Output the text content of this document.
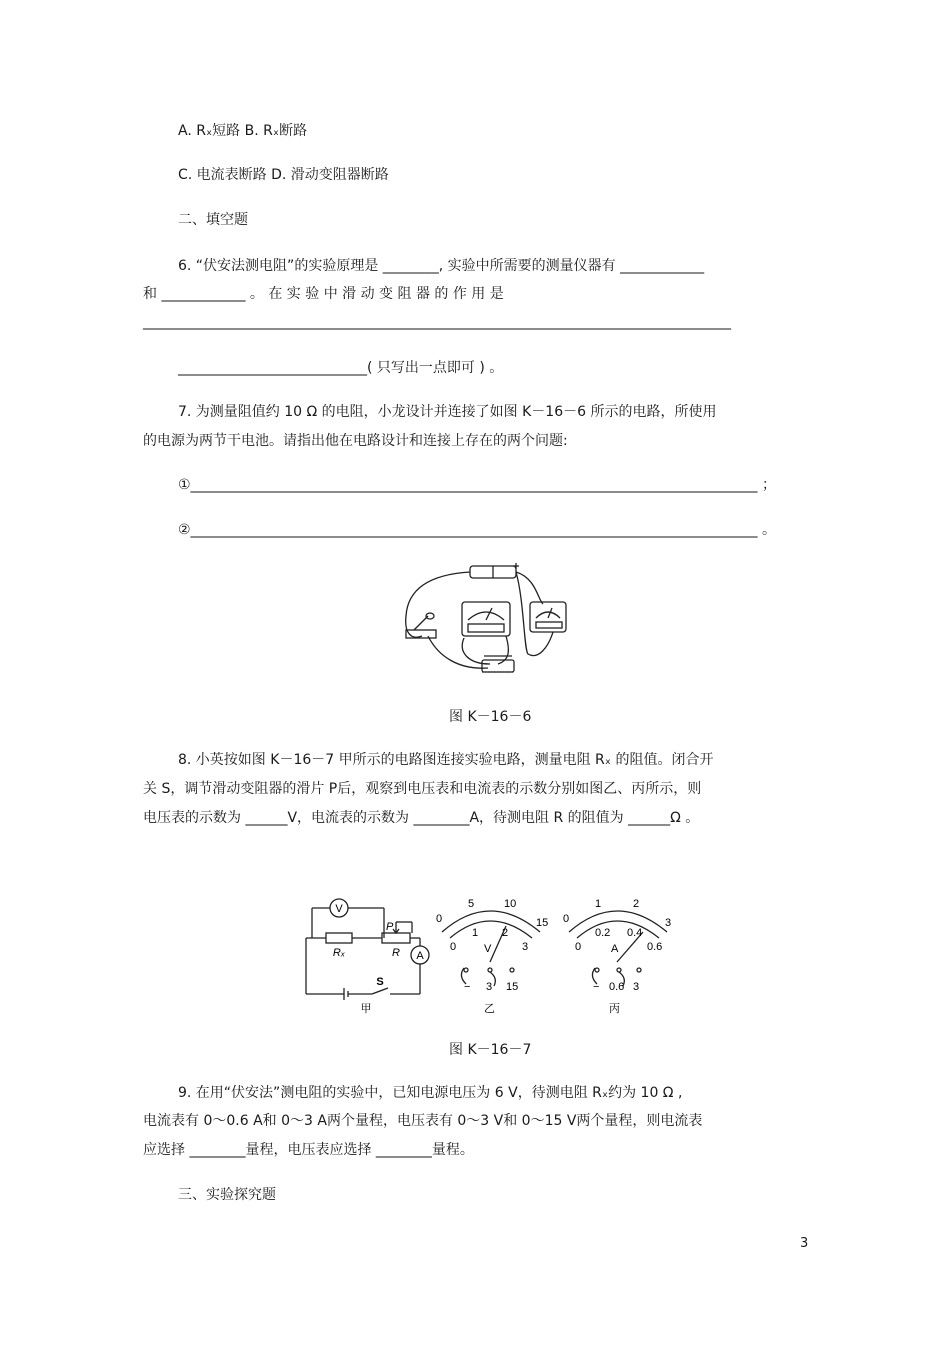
A. Rₓ短路 B. Rₓ断路
C. 电流表断路 D. 滑动变阻器断路
二、填空题
6. “伏安法测电阻”的实验原理是 ________, 实验中所需要的测量仪器有 ____________
和 ____________ 。 在 实 验 中 滑 动 变 阻 器 的 作 用 是
____________________________________________________________________________________
___________________________( 只写出一点即可 ) 。
7. 为测量阻值约 10 Ω 的电阻，小龙设计并连接了如图 K－16－6 所示的电路，所使用
的电源为两节干电池。请指出他在电路设计和连接上存在的两个问题:
①_________________________________________________________________________________ ；
②_________________________________________________________________________________ 。
图 K－16－6
8. 小英按如图 K－16－7 甲所示的电路图连接实验电路，测量电阻 Rₓ 的阻值。闭合开
关 S，调节滑动变阻器的滑片 P后，观察到电压表和电流表的示数分别如图乙、丙所示，则
电压表的示数为 ______V，电流表的示数为 ________A，待测电阻 R 的阻值为 ______Ω 。
V
A
Rₓ
P
R
S
甲
0
5	10
15
0
1 2
3
V
− 3 15
乙
0
1	2
3
0
0.2 0.4
0.6
A
− 0.6 3
丙
图 K－16－7
9. 在用“伏安法”测电阻的实验中，已知电源电压为 6 V，待测电阻 Rₓ约为 10 Ω ,
电流表有 0～0.6 A和 0～3 A两个量程，电压表有 0～3 V和 0～15 V两个量程，则电流表
应选择 ________量程，电压表应选择 ________量程。
三、实验探究题
3
